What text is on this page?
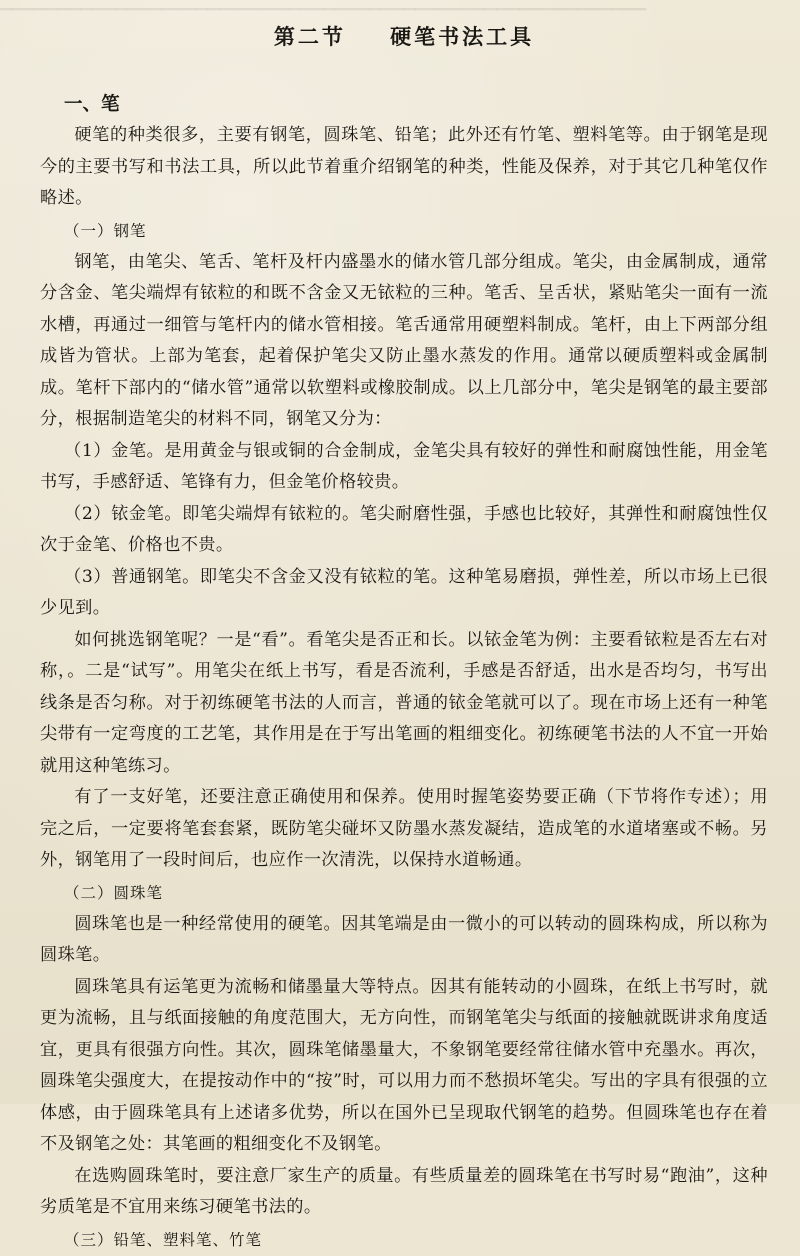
▔▔▔▔▔▔▔▔▔▔▔▔▔▔▔▔▔▔▔▔▔▔▔▔▔▔▔▔▔▔▔▔▔▔▔▔▔▔▔▔▔▔▔▔▔▔▔▔▔▔▔▔▔▔▔▔
第二节 硬笔书法工具
一、笔

硬笔的种类很多，主要有钢笔，圆珠笔、铅笔；此外还有竹笔、塑料笔等。由于钢笔是现今的主要书写和书法工具，所以此节着重介绍钢笔的种类，性能及保养，对于其它几种笔仅作略述。

（一）钢笔

钢笔，由笔尖、笔舌、笔杆及杆内盛墨水的储水管几部分组成。笔尖，由金属制成，通常分含金、笔尖端焊有铱粒的和既不含金又无铱粒的三种。笔舌、呈舌状，紧贴笔尖一面有一流水槽，再通过一细管与笔杆内的储水管相接。笔舌通常用硬塑料制成。笔杆，由上下两部分组成皆为管状。上部为笔套，起着保护笔尖又防止墨水蒸发的作用。通常以硬质塑料或金属制成。笔杆下部内的“储水管”通常以软塑料或橡胶制成。以上几部分中，笔尖是钢笔的最主要部分，根据制造笔尖的材料不同，钢笔又分为：

（1）金笔。是用黄金与银或铜的合金制成，金笔尖具有较好的弹性和耐腐蚀性能，用金笔书写，手感舒适、笔锋有力，但金笔价格较贵。

（2）铱金笔。即笔尖端焊有铱粒的。笔尖耐磨性强，手感也比较好，其弹性和耐腐蚀性仅次于金笔、价格也不贵。

（3）普通钢笔。即笔尖不含金又没有铱粒的笔。这种笔易磨损，弹性差，所以市场上已很少见到。

如何挑选钢笔呢？一是“看”。看笔尖是否正和长。以铱金笔为例：主要看铱粒是否左右对称，。二是“试写”。用笔尖在纸上书写，看是否流利，手感是否舒适，出水是否均匀，书写出线条是否匀称。对于初练硬笔书法的人而言，普通的铱金笔就可以了。现在市场上还有一种笔尖带有一定弯度的工艺笔，其作用是在于写出笔画的粗细变化。初练硬笔书法的人不宜一开始就用这种笔练习。

有了一支好笔，还要注意正确使用和保养。使用时握笔姿势要正确（下节将作专述）；用完之后，一定要将笔套套紧，既防笔尖碰坏又防墨水蒸发凝结，造成笔的水道堵塞或不畅。另外，钢笔用了一段时间后，也应作一次清洗，以保持水道畅通。

（二）圆珠笔

圆珠笔也是一种经常使用的硬笔。因其笔端是由一微小的可以转动的圆珠构成，所以称为圆珠笔。

圆珠笔具有运笔更为流畅和储墨量大等特点。因其有能转动的小圆珠，在纸上书写时，就更为流畅，且与纸面接触的角度范围大，无方向性，而钢笔笔尖与纸面的接触就既讲求角度适宜，更具有很强方向性。其次，圆珠笔储墨量大，不象钢笔要经常往储水管中充墨水。再次，圆珠笔尖强度大，在提按动作中的“按”时，可以用力而不愁损坏笔尖。写出的字具有很强的立体感，由于圆珠笔具有上述诸多优势，所以在国外已呈现取代钢笔的趋势。但圆珠笔也存在着不及钢笔之处：其笔画的粗细变化不及钢笔。

在选购圆珠笔时，要注意厂家生产的质量。有些质量差的圆珠笔在书写时易“跑油”，这种劣质笔是不宜用来练习硬笔书法的。

（三）铅笔、塑料笔、竹笔
